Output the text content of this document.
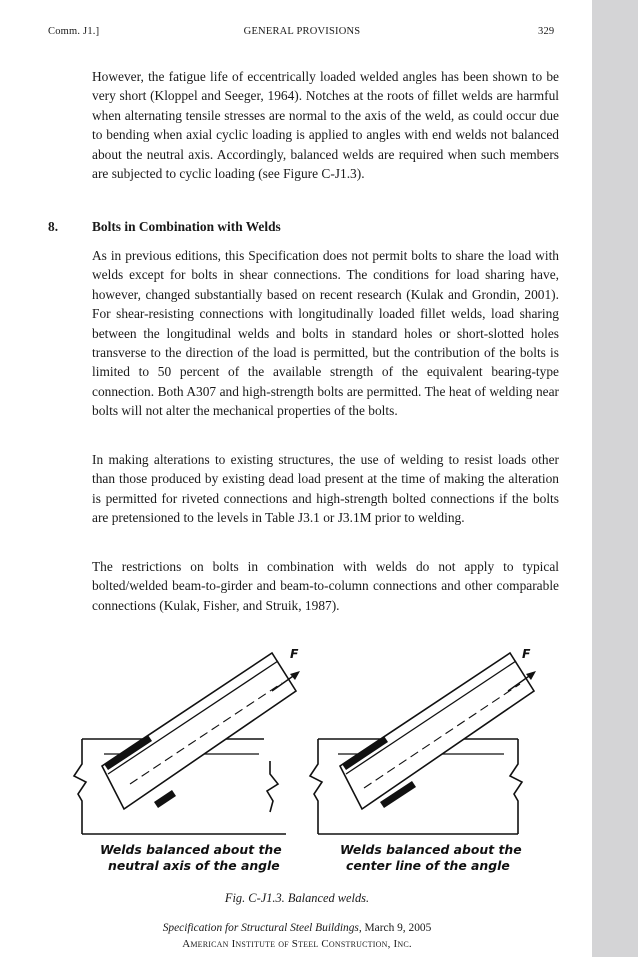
Comm. J1.]	GENERAL PROVISIONS	329

However, the fatigue life of eccentrically loaded welded angles has been shown to be very short (Kloppel and Seeger, 1964). Notches at the roots of fillet welds are harmful when alternating tensile stresses are normal to the axis of the weld, as could occur due to bending when axial cyclic loading is applied to angles with end welds not balanced about the neutral axis. Accordingly, balanced welds are required when such members are subjected to cyclic loading (see Figure C-J1.3).

8.	Bolts in Combination with Welds

As in previous editions, this Specification does not permit bolts to share the load with welds except for bolts in shear connections. The conditions for load sharing have, however, changed substantially based on recent research (Kulak and Grondin, 2001). For shear-resisting connections with longitudinally loaded fillet welds, load sharing between the longitudinal welds and bolts in standard holes or short-slotted holes transverse to the direction of the load is permitted, but the contribution of the bolts is limited to 50 percent of the available strength of the equivalent bearing-type connection. Both A307 and high-strength bolts are permitted. The heat of welding near bolts will not alter the mechanical properties of the bolts.

In making alterations to existing structures, the use of welding to resist loads other than those produced by existing dead load present at the time of making the alteration is permitted for riveted connections and high-strength bolted connections if the bolts are pretensioned to the levels in Table J3.1 or J3.1M prior to welding.

The restrictions on bolts in combination with welds do not apply to typical bolted/welded beam-to-girder and beam-to-column connections and other comparable connections (Kulak, Fisher, and Struik, 1987).

F
Welds balanced about the
neutral axis of the angle
F
Welds balanced about the
center line of the angle
Fig. C-J1.3. Balanced welds.
Specification for Structural Steel Buildings, March 9, 2005
American Institute of Steel Construction, Inc.
